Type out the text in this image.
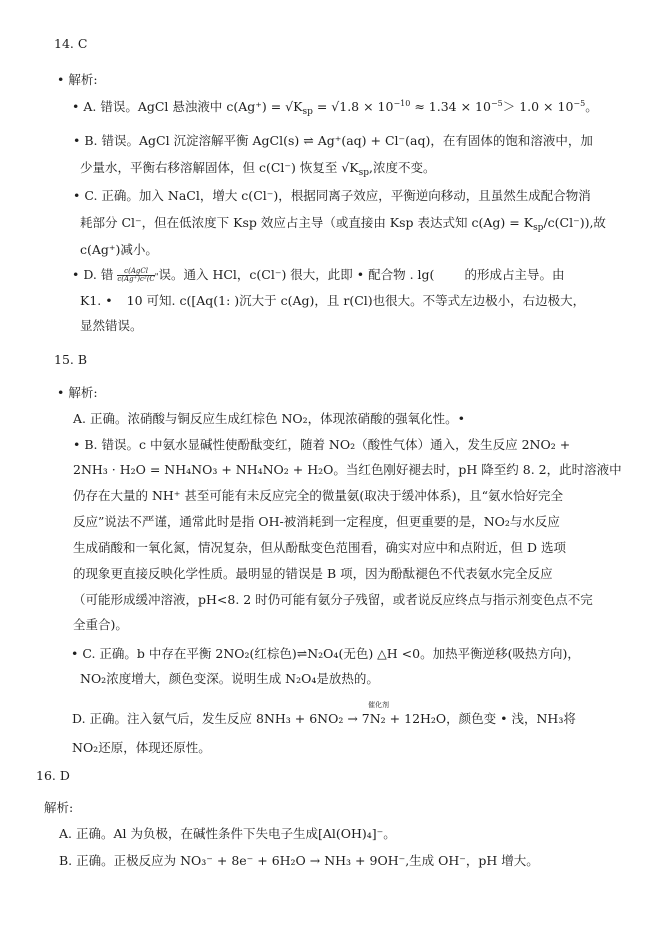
14. C
• 解析:
• A. 错误。AgCl 悬浊液中 $c(Ag^+) = √K_{sp} = √1.8 \times 10^{-10} \approx 1.34 \times 10^{-5}> 1.0 \times 10^{-5}$。
• B. 错误。AgCl 沉淀溶解平衡 AgCl(s) ⇌ Ag⁺(aq) + Cl⁻(aq)，在有固体的饱和溶液中，加
少量水，平衡右移溶解固体，但 c(Cl⁻) 恢复至 $√K_{sp}$,浓度不变。
• C. 正确。加入 NaCl，增大 c(Cl⁻)，根据同离子效应，平衡逆向移动，且虽然生成配合物消
耗部分 Cl⁻，但在低浓度下 Ksp 效应占主导（或直接由 Ksp 表达式知 $c(Ag) = K_{sp}/c(Cl^-)$),故
c(Ag⁺)减小。
• D. 错 $\frac{\text{c(AgCl}}{\text{c(Ag⁺)c²(C}}$ "误。通入 HCl，c(Cl⁻) 很大，此即 • 配合物 . lg( 的形成占主导。由
K1. • 10 可知. c([Aq(1: )沉大于 c(Ag)，且 r(Cl)也很大。不等式左边极小，右边极大，
显然错误。
15. B
• 解析:
A. 正确。浓硝酸与铜反应生成红棕色 NO₂，体现浓硝酸的强氧化性。•
• B. 错误。c 中氨水显碱性使酚酞变红，随着 NO₂（酸性气体）通入，发生反应 2NO₂ +
2NH₃ · H₂O = NH₄NO₃ + NH₄NO₂ + H₂O。当红色刚好褪去时，pH 降至约 8. 2，此时溶液中
仍存在大量的 NH⁺ 甚至可能有未反应完全的微量氨(取决于缓冲体系)，且“氨水恰好完全
反应”说法不严谨，通常此时是指 OH-被消耗到一定程度，但更重要的是，NO₂与水反应
生成硝酸和一氧化氮，情况复杂，但从酚酞变色范围看，确实对应中和点附近，但 D 选项
的现象更直接反映化学性质。最明显的错误是 B 项，因为酚酞褪色不代表氨水完全反应
（可能形成缓冲溶液，pH<8. 2 时仍可能有氨分子残留，或者说反应终点与指示剂变色点不完
全重合)。
• C. 正确。b 中存在平衡 2NO₂(红棕色)⇌N₂O₄(无色) △H <0。加热平衡逆移(吸热方向)，
NO₂浓度增大，颜色变深。说明生成 N₂O₄是放热的。
催化剂
D. 正确。注入氨气后，发生反应 8NH₃ + 6NO₂ → 7N₂ + 12H₂O，颜色变 • 浅，NH₃将
NO₂还原，体现还原性。
16. D
解析:
A. 正确。Al 为负极，在碱性条件下失电子生成[Al(OH)₄]⁻。
B. 正确。正极反应为 NO₃⁻ + 8e⁻ + 6H₂O → NH₃ + 9OH⁻,生成 OH⁻，pH 增大。
